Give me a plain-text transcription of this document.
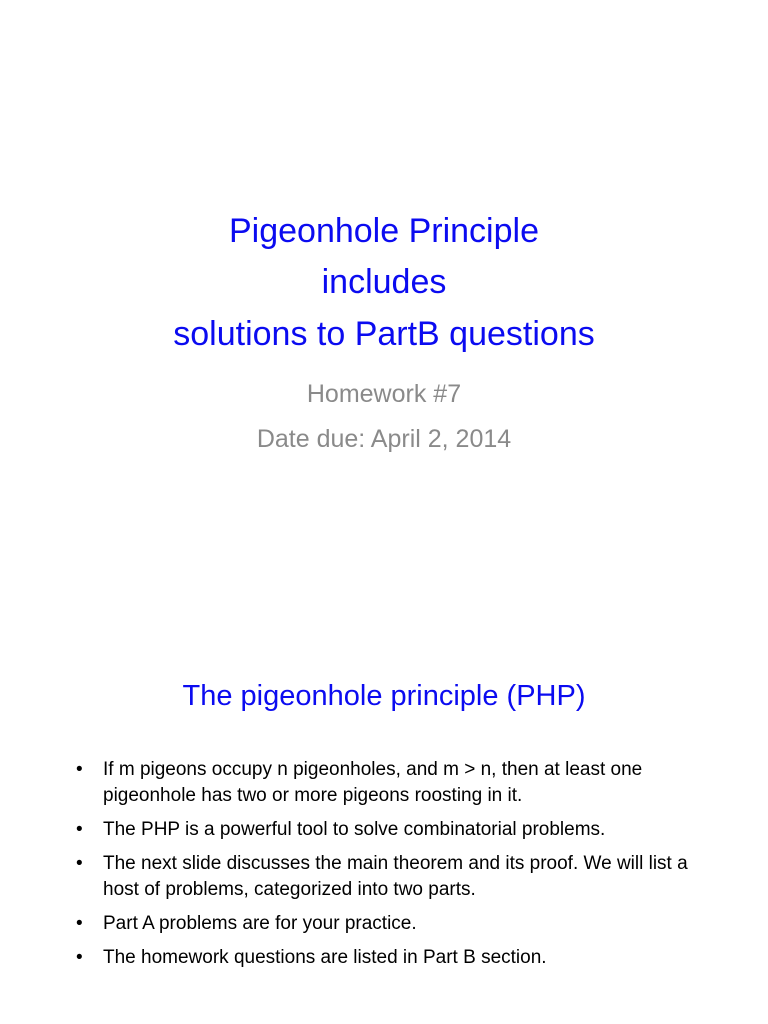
Pigeonhole Principle
includes
solutions to PartB questions
Homework #7
Date due: April 2, 2014
The pigeonhole principle (PHP)
• If m pigeons occupy n pigeonholes, and m > n, then at least one pigeonhole has two or more pigeons roosting in it.
• The PHP is a powerful tool to solve combinatorial problems.
• The next slide discusses the main theorem and its proof. We will list a host of problems, categorized into two parts.
• Part A problems are for your practice.
• The homework questions are listed in Part B section.
